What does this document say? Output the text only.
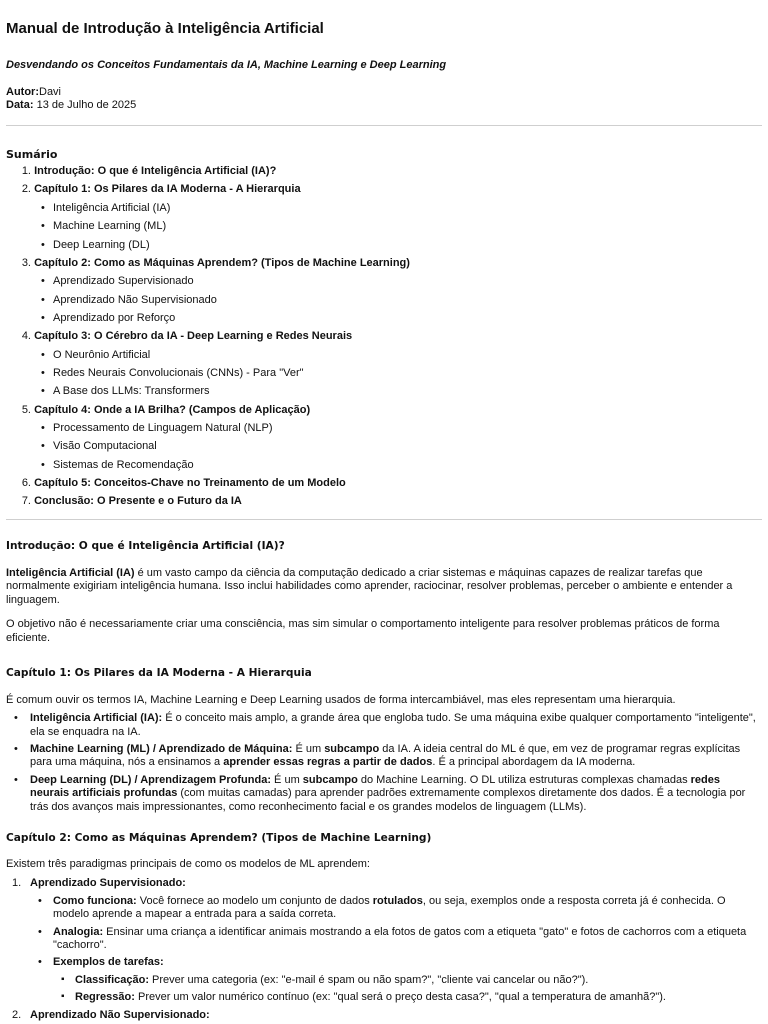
Manual de Introdução à Inteligência Artificial
Desvendando os Conceitos Fundamentais da IA, Machine Learning e Deep Learning
Autor:Davi
Data: 13 de Julho de 2025
Sumário
1. Introdução: O que é Inteligência Artificial (IA)?
2. Capítulo 1: Os Pilares da IA Moderna - A Hierarquia
• Inteligência Artificial (IA)
• Machine Learning (ML)
• Deep Learning (DL)
3. Capítulo 2: Como as Máquinas Aprendem? (Tipos de Machine Learning)
• Aprendizado Supervisionado
• Aprendizado Não Supervisionado
• Aprendizado por Reforço
4. Capítulo 3: O Cérebro da IA - Deep Learning e Redes Neurais
• O Neurônio Artificial
• Redes Neurais Convolucionais (CNNs) - Para "Ver"
• A Base dos LLMs: Transformers
5. Capítulo 4: Onde a IA Brilha? (Campos de Aplicação)
• Processamento de Linguagem Natural (NLP)
• Visão Computacional
• Sistemas de Recomendação
6. Capítulo 5: Conceitos-Chave no Treinamento de um Modelo
7. Conclusão: O Presente e o Futuro da IA
Introdução: O que é Inteligência Artificial (IA)?

Inteligência Artificial (IA) é um vasto campo da ciência da computação dedicado a criar sistemas e máquinas capazes de realizar tarefas que normalmente exigiriam inteligência humana. Isso inclui habilidades como aprender, raciocinar, resolver problemas, perceber o ambiente e entender a linguagem.

O objetivo não é necessariamente criar uma consciência, mas sim simular o comportamento inteligente para resolver problemas práticos de forma eficiente.

Capítulo 1: Os Pilares da IA Moderna - A Hierarquia

É comum ouvir os termos IA, Machine Learning e Deep Learning usados de forma intercambiável, mas eles representam uma hierarquia.

• Inteligência Artificial (IA): É o conceito mais amplo, a grande área que engloba tudo. Se uma máquina exibe qualquer comportamento "inteligente", ela se enquadra na IA.
• Machine Learning (ML) / Aprendizado de Máquina: É um subcampo da IA. A ideia central do ML é que, em vez de programar regras explícitas para uma máquina, nós a ensinamos a aprender essas regras a partir de dados. É a principal abordagem da IA moderna.
• Deep Learning (DL) / Aprendizagem Profunda: É um subcampo do Machine Learning. O DL utiliza estruturas complexas chamadas redes neurais artificiais profundas (com muitas camadas) para aprender padrões extremamente complexos diretamente dos dados. É a tecnologia por trás dos avanços mais impressionantes, como reconhecimento facial e os grandes modelos de linguagem (LLMs).
Capítulo 2: Como as Máquinas Aprendem? (Tipos de Machine Learning)

Existem três paradigmas principais de como os modelos de ML aprendem:

1. Aprendizado Supervisionado:
• Como funciona: Você fornece ao modelo um conjunto de dados rotulados, ou seja, exemplos onde a resposta correta já é conhecida. O modelo aprende a mapear a entrada para a saída correta.
• Analogia: Ensinar uma criança a identificar animais mostrando a ela fotos de gatos com a etiqueta "gato" e fotos de cachorros com a etiqueta "cachorro".
• Exemplos de tarefas:
▪ Classificação: Prever uma categoria (ex: "e-mail é spam ou não spam?", "cliente vai cancelar ou não?").
▪ Regressão: Prever um valor numérico contínuo (ex: "qual será o preço desta casa?", "qual a temperatura de amanhã?").
2. Aprendizado Não Supervisionado:
